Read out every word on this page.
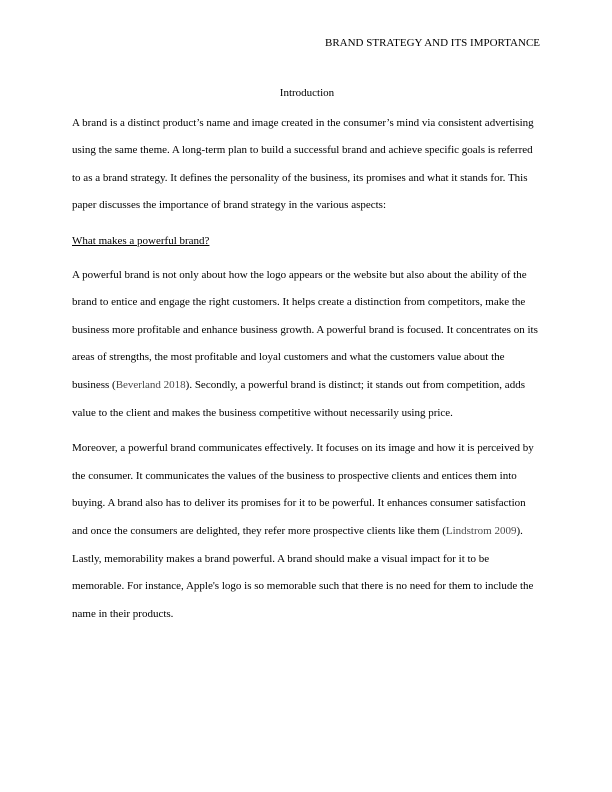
BRAND STRATEGY AND ITS IMPORTANCE
Introduction

A brand is a distinct product’s name and image created in the consumer’s mind via consistent advertising using the same theme. A long-term plan to build a successful brand and achieve specific goals is referred to as a brand strategy. It defines the personality of the business, its promises and what it stands for. This paper discusses the importance of brand strategy in the various aspects:

What makes a powerful brand?

A powerful brand is not only about how the logo appears or the website but also about the ability of the brand to entice and engage the right customers. It helps create a distinction from competitors, make the business more profitable and enhance business growth. A powerful brand is focused. It concentrates on its areas of strengths, the most profitable and loyal customers and what the customers value about the business (Beverland 2018). Secondly, a powerful brand is distinct; it stands out from competition, adds value to the client and makes the business competitive without necessarily using price.

Moreover, a powerful brand communicates effectively. It focuses on its image and how it is perceived by the consumer. It communicates the values of the business to prospective clients and entices them into buying. A brand also has to deliver its promises for it to be powerful. It enhances consumer satisfaction and once the consumers are delighted, they refer more prospective clients like them (Lindstrom 2009). Lastly, memorability makes a brand powerful. A brand should make a visual impact for it to be memorable. For instance, Apple's logo is so memorable such that there is no need for them to include the name in their products.
